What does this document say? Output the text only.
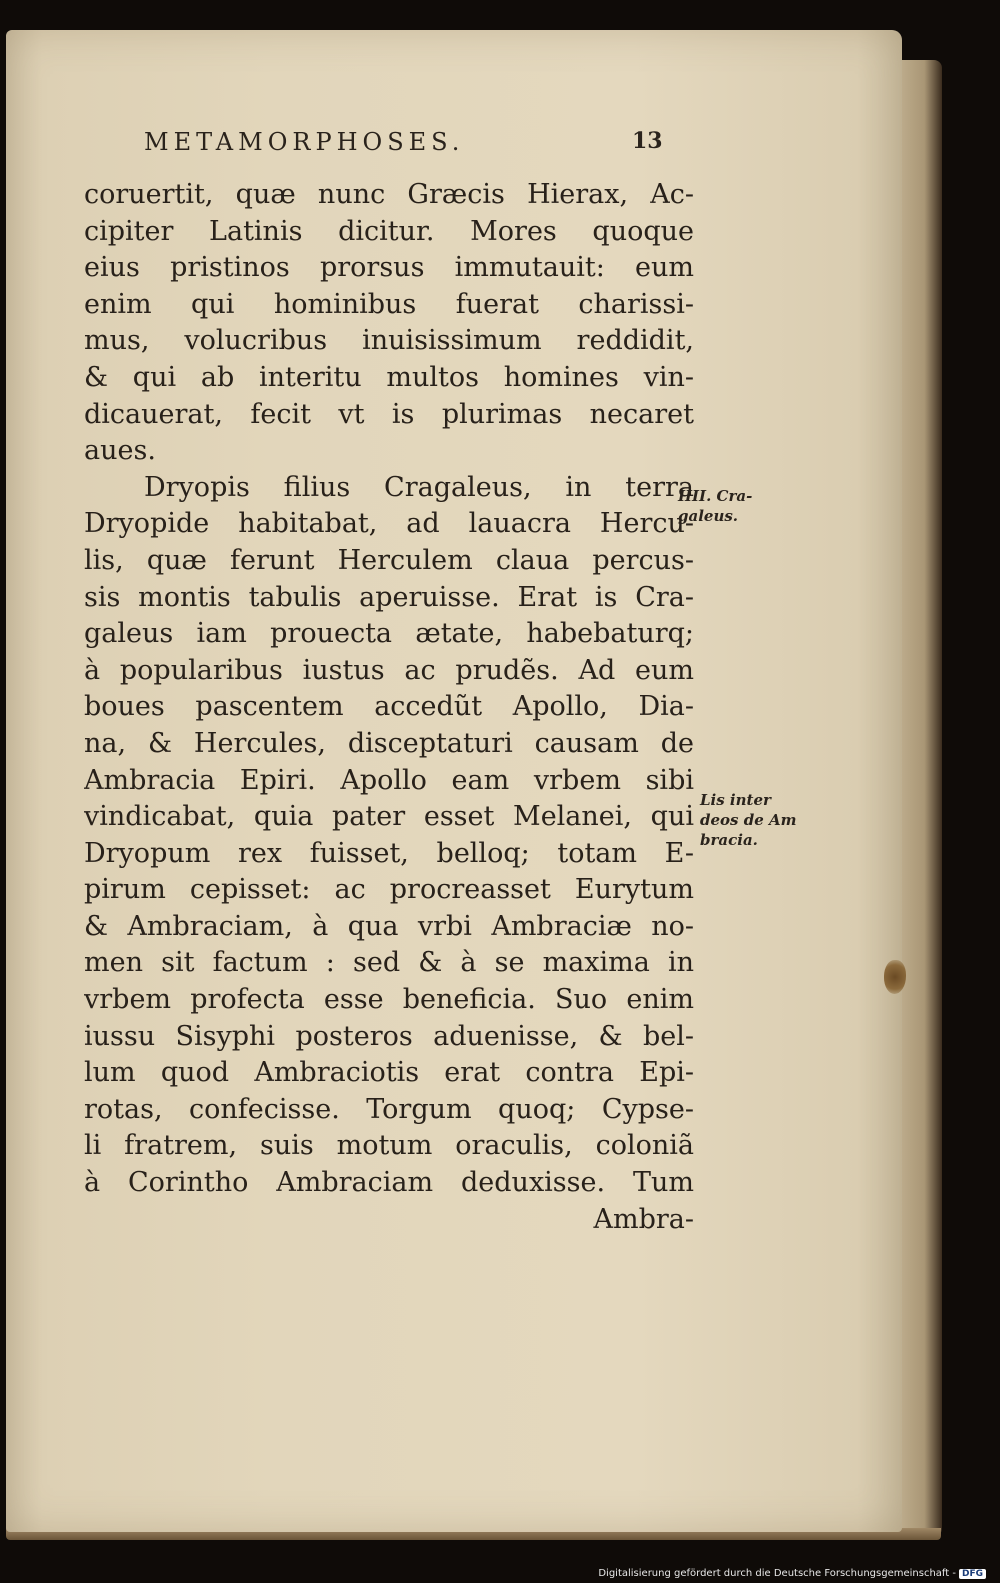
METAMORPHOSES.	13
coruertit, quæ nunc Græcis Hierax, Ac-
cipiter Latinis dicitur. Mores quoque
eius pristinos prorsus immutauit: eum
enim qui hominibus fuerat charissi-
mus, volucribus inuisissimum reddidit,
& qui ab interitu multos homines vin-
dicauerat, fecit vt is plurimas necaret
aues.
Dryopis filius Cragaleus, in terra
Dryopide habitabat, ad lauacra Hercu-
lis, quæ ferunt Herculem claua percus-
sis montis tabulis aperuisse. Erat is Cra-
galeus iam prouecta ætate, habebaturq;
à popularibus iustus ac prudẽs. Ad eum
boues pascentem accedũt Apollo, Dia-
na, & Hercules, disceptaturi causam de
Ambracia Epiri. Apollo eam vrbem sibi
vindicabat, quia pater esset Melanei, qui
Dryopum rex fuisset, belloq; totam E-
pirum cepisset: ac procreasset Eurytum
& Ambraciam, à qua vrbi Ambraciæ no-
men sit factum : sed & à se maxima in
vrbem profecta esse beneficia. Suo enim
iussu Sisyphi posteros aduenisse, & bel-
lum quod Ambraciotis erat contra Epi-
rotas, confecisse. Torgum quoq; Cypse-
li fratrem, suis motum oraculis, coloniã
à Corintho Ambraciam deduxisse. Tum
Ambra-
IIII. Cra-
galeus.
Lis inter
deos de Am
bracia.
Digitalisierung gefördert durch die Deutsche Forschungsgemeinschaft - DFG
